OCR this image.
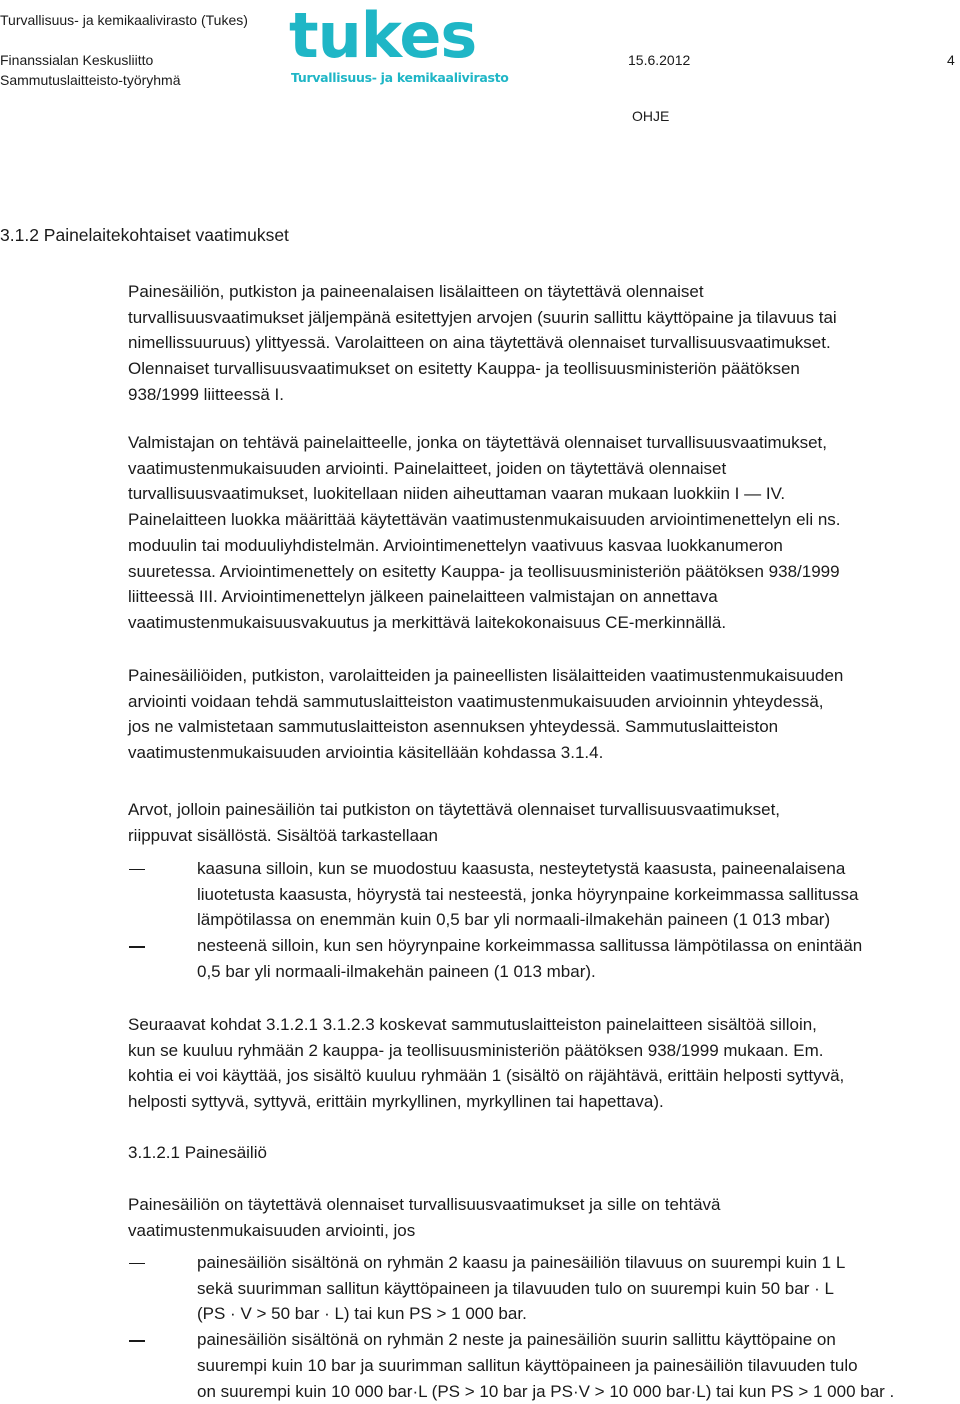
Turvallisuus- ja kemikaalivirasto (Tukes)
Finanssialan Keskusliitto
Sammutuslaitteisto-työryhmä
15.6.2012	4
OHJE
tukes
Turvallisuus- ja kemikaalivirasto
3.1.2 Painelaitekohtaiset vaatimukset

Painesäiliön, putkiston ja paineenalaisen lisälaitteen on täytettävä olennaiset

turvallisuusvaatimukset jäljempänä esitettyjen arvojen (suurin sallittu käyttöpaine ja tilavuus tai

nimellissuuruus) ylittyessä. Varolaitteen on aina täytettävä olennaiset turvallisuusvaatimukset.

Olennaiset turvallisuusvaatimukset on esitetty Kauppa- ja teollisuusministeriön päätöksen

938/1999 liitteessä I.

Valmistajan on tehtävä painelaitteelle, jonka on täytettävä olennaiset turvallisuusvaatimukset,

vaatimustenmukaisuuden arviointi. Painelaitteet, joiden on täytettävä olennaiset

turvallisuusvaatimukset, luokitellaan niiden aiheuttaman vaaran mukaan luokkiin I — IV.

Painelaitteen luokka määrittää käytettävän vaatimustenmukaisuuden arviointimenettelyn eli ns.

moduulin tai moduuliyhdistelmän. Arviointimenettelyn vaativuus kasvaa luokkanumeron

suuretessa. Arviointimenettely on esitetty Kauppa- ja teollisuusministeriön päätöksen 938/1999

liitteessä III. Arviointimenettelyn jälkeen painelaitteen valmistajan on annettava

vaatimustenmukaisuusvakuutus ja merkittävä laitekokonaisuus CE-merkinnällä.

Painesäiliöiden, putkiston, varolaitteiden ja paineellisten lisälaitteiden vaatimustenmukaisuuden

arviointi voidaan tehdä sammutuslaitteiston vaatimustenmukaisuuden arvioinnin yhteydessä,

jos ne valmistetaan sammutuslaitteiston asennuksen yhteydessä. Sammutuslaitteiston

vaatimustenmukaisuuden arviointia käsitellään kohdassa 3.1.4.

Arvot, jolloin painesäiliön tai putkiston on täytettävä olennaiset turvallisuusvaatimukset,

riippuvat sisällöstä. Sisältöä tarkastellaan

kaasuna silloin, kun se muodostuu kaasusta, nesteytetystä kaasusta, paineenalaisena

liuotetusta kaasusta, höyrystä tai nesteestä, jonka höyrynpaine korkeimmassa sallitussa

lämpötilassa on enemmän kuin 0,5 bar yli normaali-ilmakehän paineen (1 013 mbar)

nesteenä silloin, kun sen höyrynpaine korkeimmassa sallitussa lämpötilassa on enintään

0,5 bar yli normaali-ilmakehän paineen (1 013 mbar).

Seuraavat kohdat 3.1.2.1 3.1.2.3 koskevat sammutuslaitteiston painelaitteen sisältöä silloin,

kun se kuuluu ryhmään 2 kauppa- ja teollisuusministeriön päätöksen 938/1999 mukaan. Em.

kohtia ei voi käyttää, jos sisältö kuuluu ryhmään 1 (sisältö on räjähtävä, erittäin helposti syttyvä,

helposti syttyvä, syttyvä, erittäin myrkyllinen, myrkyllinen tai hapettava).

3.1.2.1 Painesäiliö

Painesäiliön on täytettävä olennaiset turvallisuusvaatimukset ja sille on tehtävä

vaatimustenmukaisuuden arviointi, jos

painesäiliön sisältönä on ryhmän 2 kaasu ja painesäiliön tilavuus on suurempi kuin 1 L

sekä suurimman sallitun käyttöpaineen ja tilavuuden tulo on suurempi kuin 50 bar · L

(PS · V > 50 bar · L) tai kun PS > 1 000 bar.

painesäiliön sisältönä on ryhmän 2 neste ja painesäiliön suurin sallittu käyttöpaine on

suurempi kuin 10 bar ja suurimman sallitun käyttöpaineen ja painesäiliön tilavuuden tulo

on suurempi kuin 10 000 bar·L (PS > 10 bar ja PS·V > 10 000 bar·L) tai kun PS > 1 000 bar .
